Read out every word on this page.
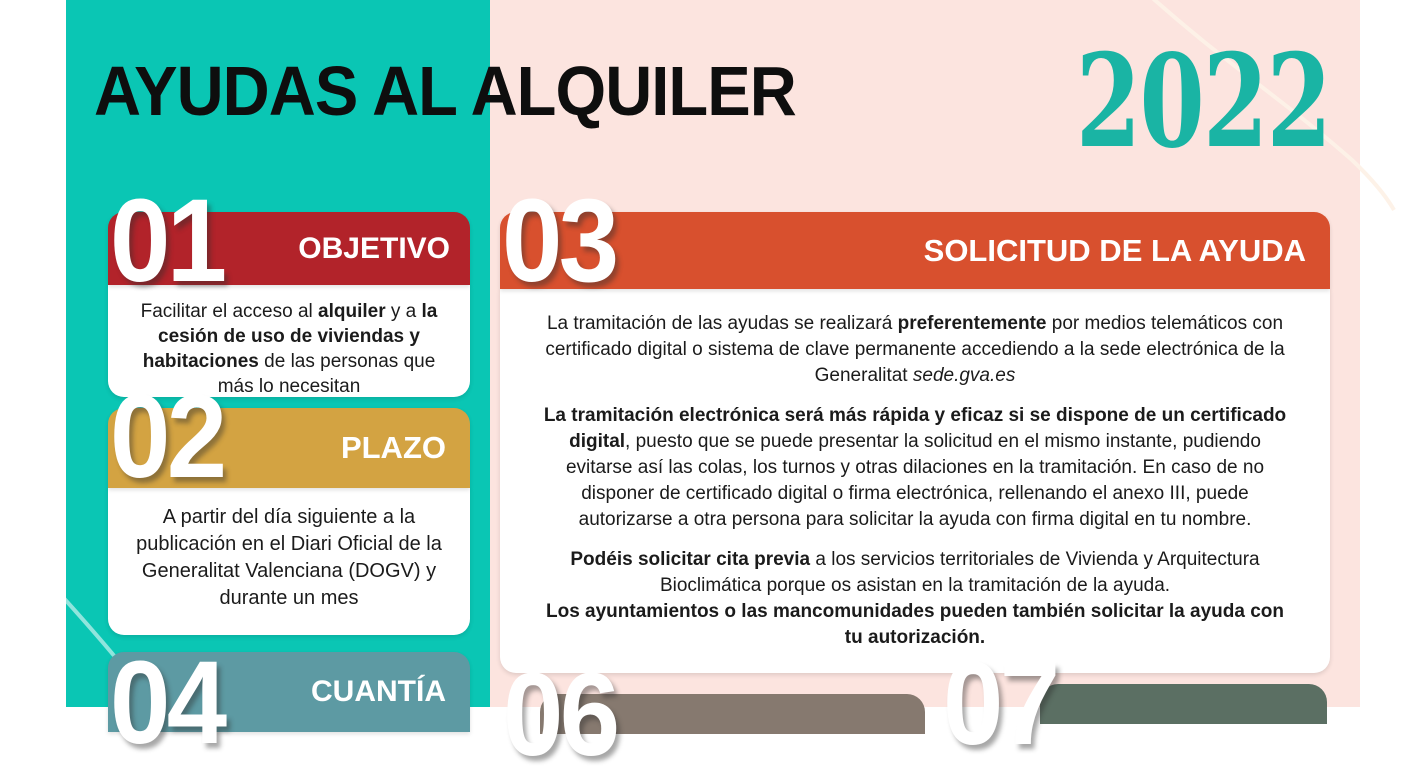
AYUDAS AL ALQUILER 2022
OBJETIVO
Facilitar el acceso al alquiler y a la cesión de uso de viviendas y habitaciones de las personas que más lo necesitan
01
PLAZO
A partir del día siguiente a la publicación en el Diari Oficial de la Generalitat Valenciana (DOGV) y durante un mes
02
SOLICITUD DE LA AYUDA

La tramitación de las ayudas se realizará preferentemente por medios telemáticos con certificado digital o sistema de clave permanente accediendo a la sede electrónica de la Generalitat sede.gva.es

La tramitación electrónica será más rápida y eficaz si se dispone de un certificado digital, puesto que se puede presentar la solicitud en el mismo instante, pudiendo evitarse así las colas, los turnos y otras dilaciones en la tramitación. En caso de no disponer de certificado digital o firma electrónica, rellenando el anexo III, puede autorizarse a otra persona para solicitar la ayuda con firma digital en tu nombre.

Podéis solicitar cita previa a los servicios territoriales de Vivienda y Arquitectura Bioclimática porque os asistan en la tramitación de la ayuda.

Los ayuntamientos o las mancomunidades pueden también solicitar la ayuda con tu autorización.

03
CUANTÍA
04 06	07
